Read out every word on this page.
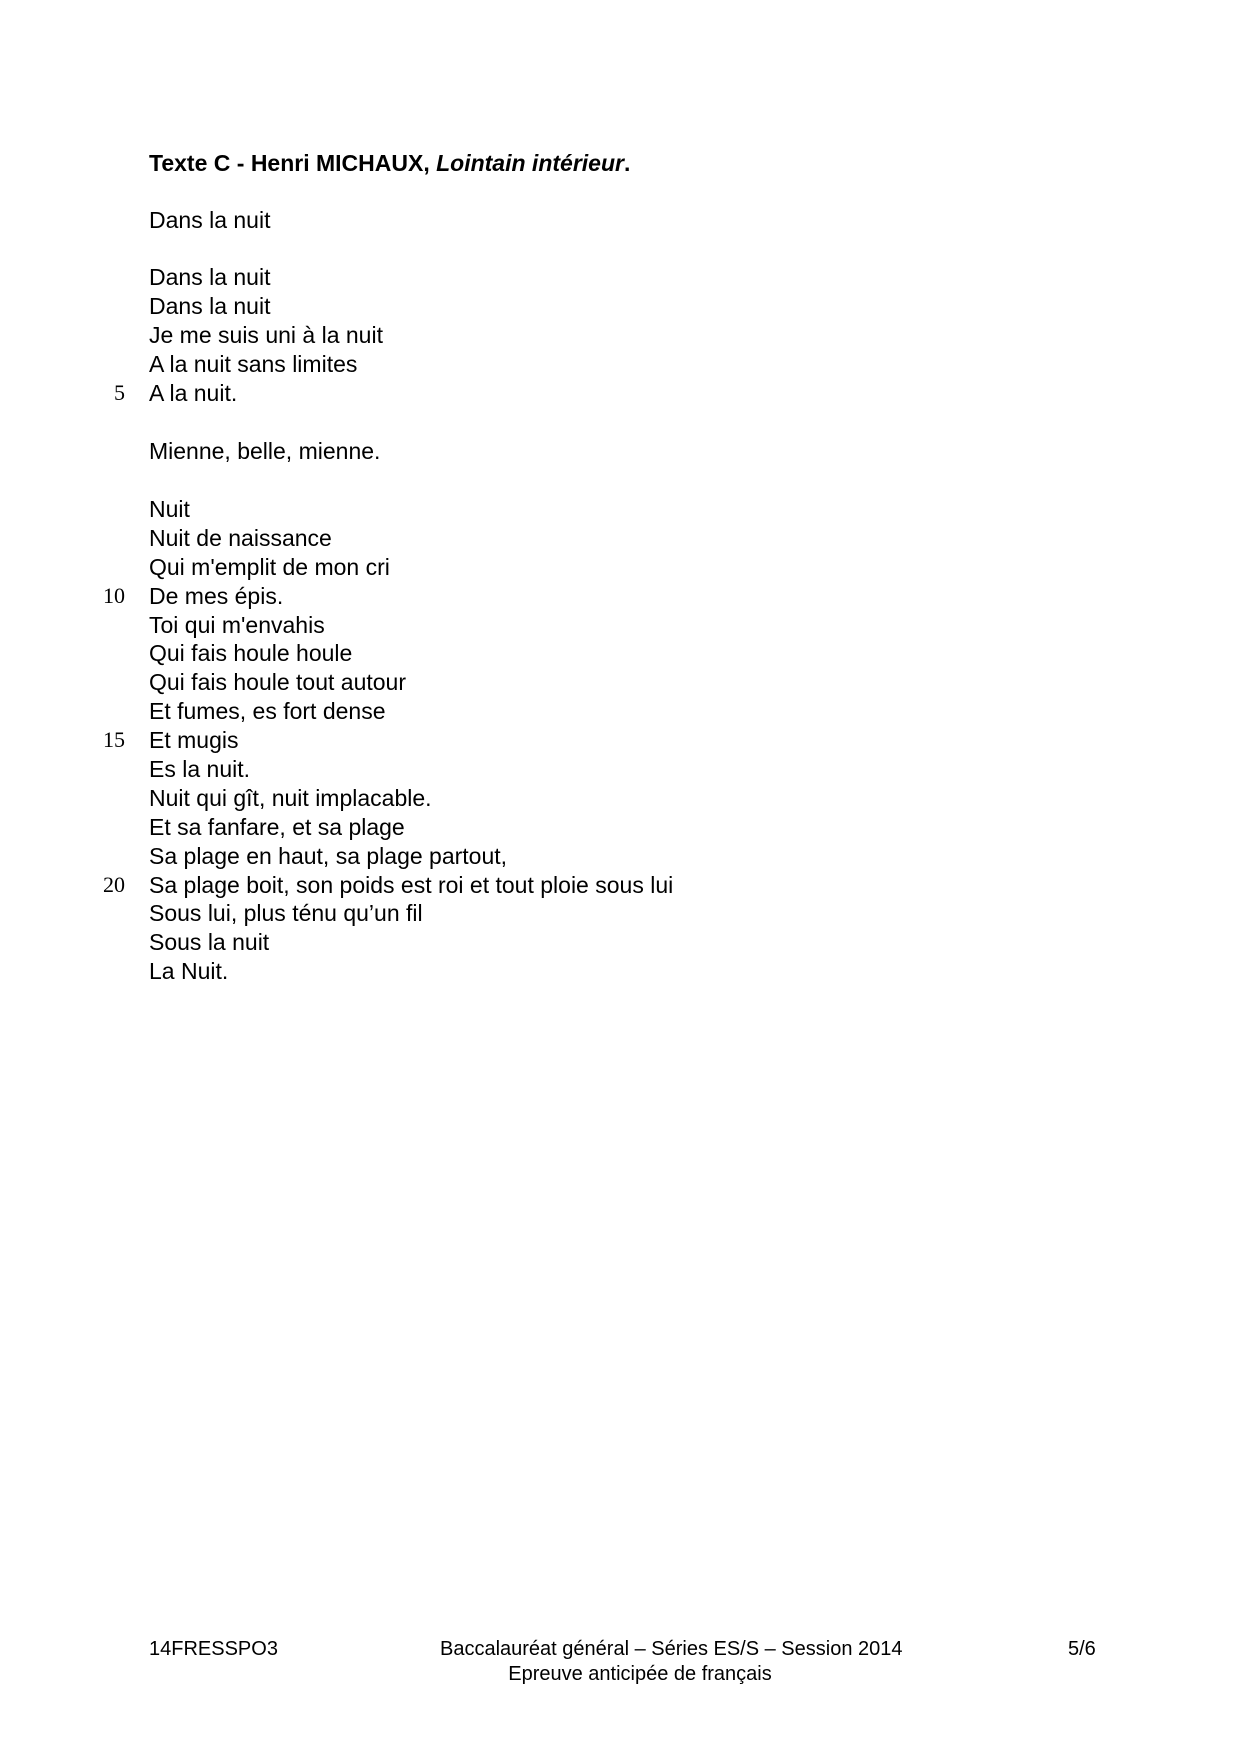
Texte C - Henri MICHAUX, Lointain intérieur.
Dans la nuit
Dans la nuit
Dans la nuit
Je me suis uni à la nuit
A la nuit sans limites
5 A la nuit.
Mienne, belle, mienne.
Nuit
Nuit de naissance
Qui m'emplit de mon cri
10 De mes épis.
Toi qui m'envahis
Qui fais houle houle
Qui fais houle tout autour
Et fumes, es fort dense
15 Et mugis
Es la nuit.
Nuit qui gît, nuit implacable.
Et sa fanfare, et sa plage
Sa plage en haut, sa plage partout,
20 Sa plage boit, son poids est roi et tout ploie sous lui
Sous lui, plus ténu qu’un fil
Sous la nuit
La Nuit.
14FRESSPO3	Baccalauréat général – Séries ES/S – Session 2014
Epreuve anticipée de français
5/6
